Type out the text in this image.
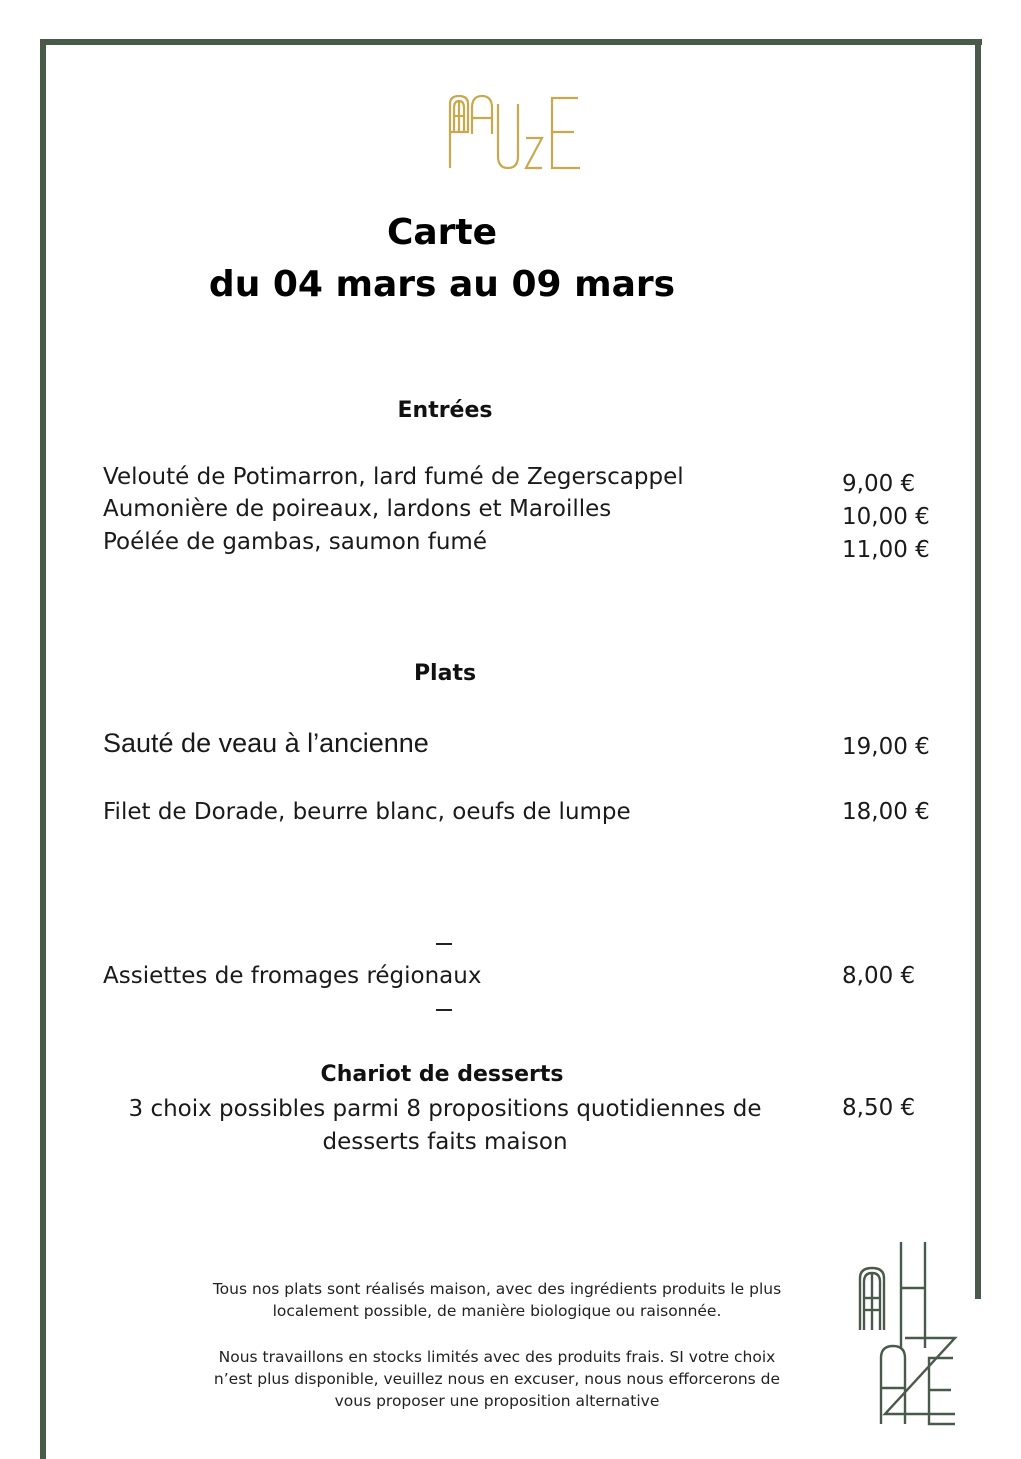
Carte
du 04 mars au 09 mars
Entrées
Velouté de Potimarron, lard fumé de Zegerscappel	9,00 €
Aumonière de poireaux, lardons et Maroilles	10,00 €
Poélée de gambas, saumon fumé	11,00 €
Plats
Sauté de veau à l’ancienne	19,00 €
Filet de Dorade, beurre blanc, oeufs de lumpe	18,00 €
Assiettes de fromages régionaux	8,00 €
Chariot de desserts
3 choix possibles parmi 8 propositions quotidiennes de desserts faits maison
8,50 €
Tous nos plats sont réalisés maison, avec des ingrédients produits le plus localement possible, de manière biologique ou raisonnée.
Nous travaillons en stocks limités avec des produits frais. SI votre choix n’est plus disponible, veuillez nous en excuser, nous nous efforcerons de vous proposer une proposition alternative
